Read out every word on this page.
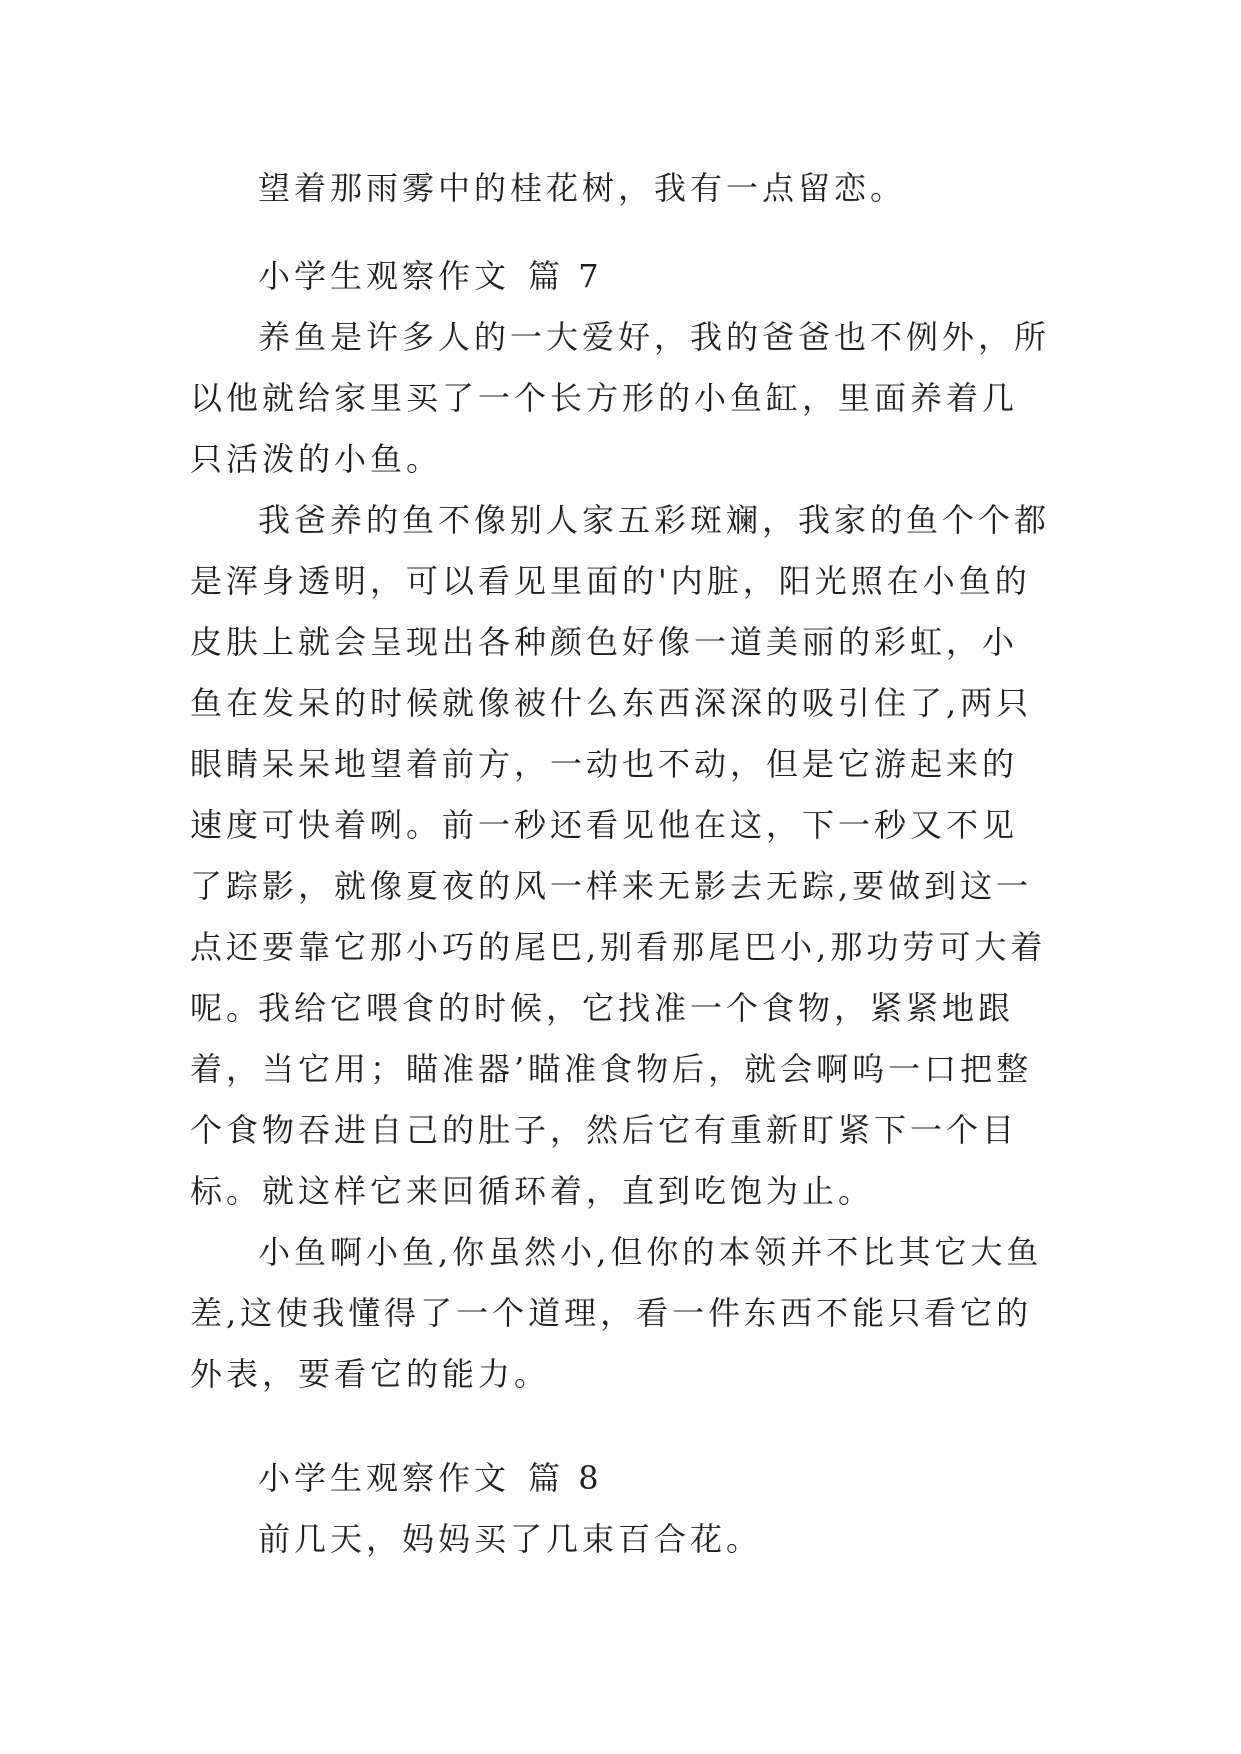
望着那雨雾中的桂花树，我有一点留恋。
小学生观察作文 篇 7
养鱼是许多人的一大爱好，我的爸爸也不例外，所以他就给家里买了一个长方形的小鱼缸，里面养着几只活泼的小鱼。
我爸养的鱼不像别人家五彩斑斓，我家的鱼个个都是浑身透明，可以看见里面的'内脏，阳光照在小鱼的皮肤上就会呈现出各种颜色好像一道美丽的彩虹，小鱼在发呆的时候就像被什么东西深深的吸引住了,两只眼睛呆呆地望着前方，一动也不动，但是它游起来的速度可快着咧。前一秒还看见他在这，下一秒又不见了踪影，就像夏夜的风一样来无影去无踪,要做到这一点还要靠它那小巧的尾巴,别看那尾巴小,那功劳可大着呢。
我给它喂食的时候，它找准一个食物，紧紧地跟着，当它用；瞄准器’瞄准食物后，就会啊呜一口把整个食物吞进自己的肚子，然后它有重新盯紧下一个目标。就这样它来回循环着，直到吃饱为止。
小鱼啊小鱼,你虽然小,但你的本领并不比其它大鱼差,这使我懂得了一个道理，看一件东西不能只看它的外表，要看它的能力。
小学生观察作文 篇 8
前几天，妈妈买了几束百合花。
